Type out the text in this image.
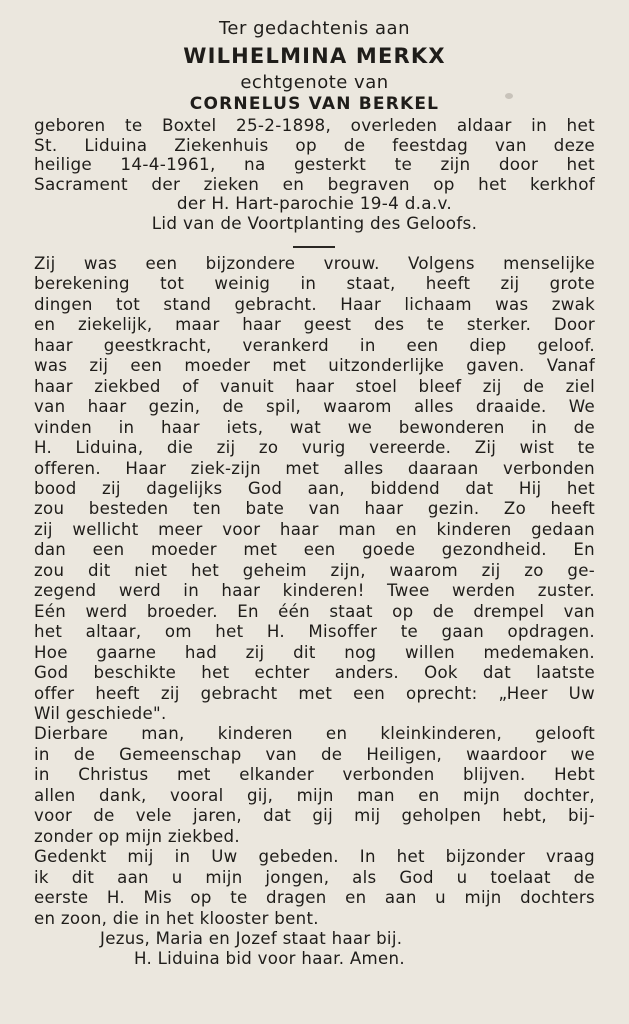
Ter gedachtenis aan
WILHELMINA MERKX
echtgenote van
CORNELUS VAN BERKEL
geboren te Boxtel 25-2-1898, overleden aldaar in het
St. Liduina Ziekenhuis op de feestdag van deze
heilige 14-4-1961, na gesterkt te zijn door het
Sacrament der zieken en begraven op het kerkhof
der H. Hart-parochie 19-4 d.a.v.
Lid van de Voortplanting des Geloofs.
Zij was een bijzondere vrouw. Volgens menselijke
berekening tot weinig in staat, heeft zij grote
dingen tot stand gebracht. Haar lichaam was zwak
en ziekelijk, maar haar geest des te sterker. Door
haar geestkracht, verankerd in een diep geloof.
was zij een moeder met uitzonderlijke gaven. Vanaf
haar ziekbed of vanuit haar stoel bleef zij de ziel
van haar gezin, de spil, waarom alles draaide. We
vinden in haar iets, wat we bewonderen in de
H. Liduina, die zij zo vurig vereerde. Zij wist te
offeren. Haar ziek-zijn met alles daaraan verbonden
bood zij dagelijks God aan, biddend dat Hij het
zou besteden ten bate van haar gezin. Zo heeft
zij wellicht meer voor haar man en kinderen gedaan
dan een moeder met een goede gezondheid. En
zou dit niet het geheim zijn, waarom zij zo ge-
zegend werd in haar kinderen! Twee werden zuster.
Eén werd broeder. En één staat op de drempel van
het altaar, om het H. Misoffer te gaan opdragen.
Hoe gaarne had zij dit nog willen medemaken.
God beschikte het echter anders. Ook dat laatste
offer heeft zij gebracht met een oprecht: „Heer Uw
Wil geschiede".
Dierbare man, kinderen en kleinkinderen, gelooft
in de Gemeenschap van de Heiligen, waardoor we
in Christus met elkander verbonden blijven. Hebt
allen dank, vooral gij, mijn man en mijn dochter,
voor de vele jaren, dat gij mij geholpen hebt, bij-
zonder op mijn ziekbed.
Gedenkt mij in Uw gebeden. In het bijzonder vraag
ik dit aan u mijn jongen, als God u toelaat de
eerste H. Mis op te dragen en aan u mijn dochters
en zoon, die in het klooster bent.
Jezus, Maria en Jozef staat haar bij.
H. Liduina bid voor haar. Amen.
